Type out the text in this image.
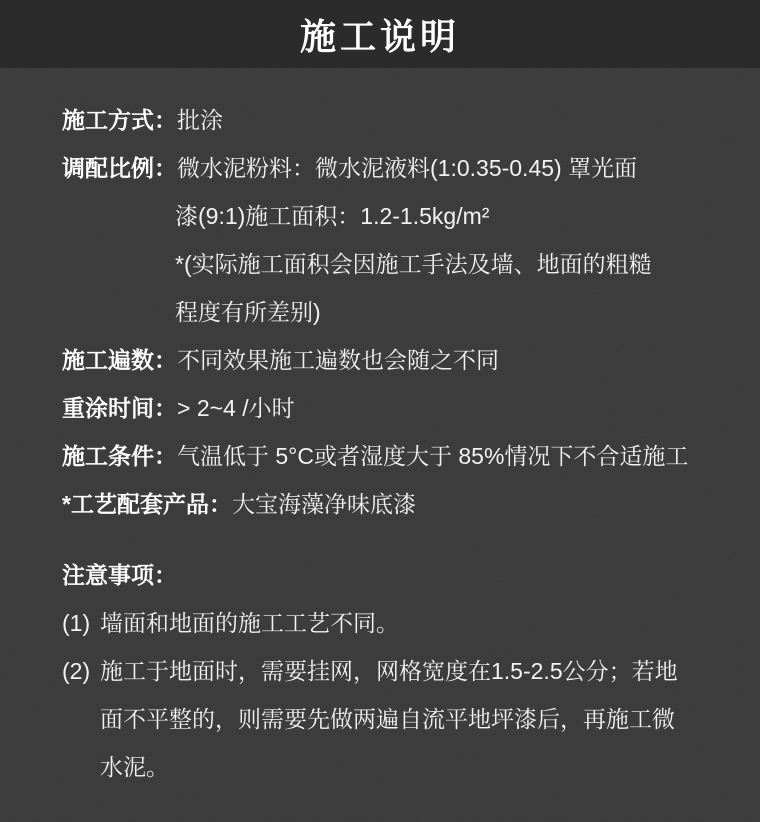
施工说明
施工方式：批涂
调配比例：微水泥粉料：微水泥液料(1:0.35-0.45) 罩光面
漆(9:1)施工面积：1.2-1.5kg/m²
*(实际施工面积会因施工手法及墙、地面的粗糙
程度有所差别)
施工遍数：不同效果施工遍数也会随之不同
重涂时间：> 2~4 /小时
施工条件：气温低于 5°C或者湿度大于 85%情况下不合适施工
*工艺配套产品：大宝海藻净味底漆
注意事项：
(1) 墙面和地面的施工工艺不同。
(2) 施工于地面时，需要挂网，网格宽度在1.5-2.5公分；若地
面不平整的，则需要先做两遍自流平地坪漆后，再施工微
水泥。
